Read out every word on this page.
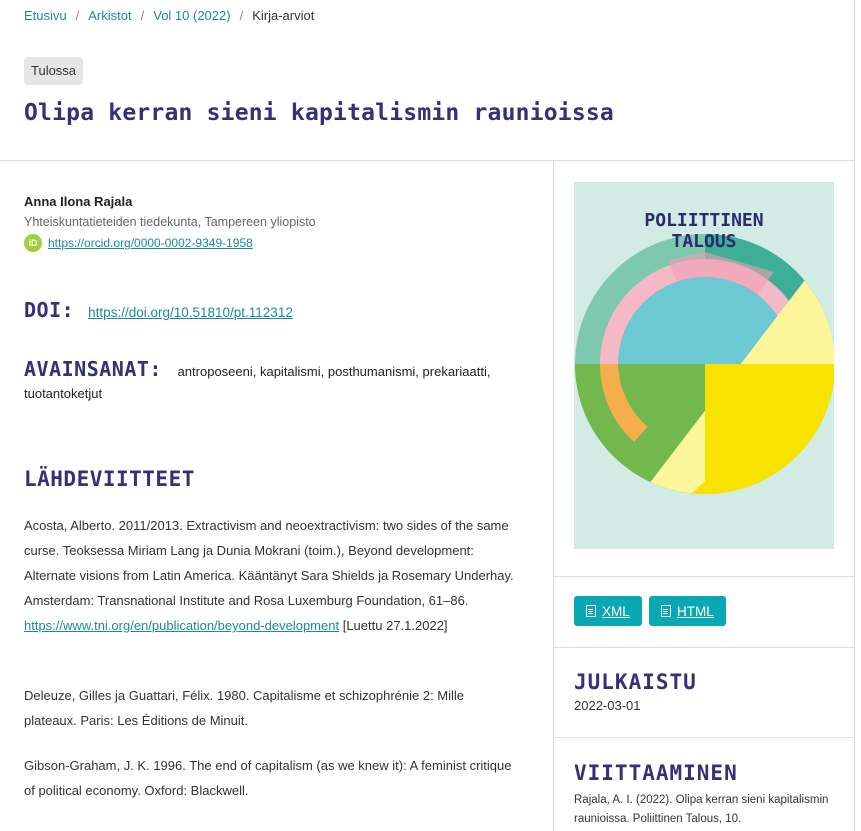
Etusivu / Arkistot / Vol 10 (2022) / Kirja-arviot
Tulossa
Olipa kerran sieni kapitalismin raunioissa
Anna Ilona Rajala
Yhteiskuntatieteiden tiedekunta, Tampereen yliopisto
iD https://orcid.org/0000-0002-9349-1958
DOI: https://doi.org/10.51810/pt.112312
AVAINSANAT: antroposeeni, kapitalismi, posthumanismi, prekariaatti, tuotantoketjut
LÄHDEVIITTEET

Acosta, Alberto. 2011/2013. Extractivism and neoextractivism: two sides of the same curse. Teoksessa Miriam Lang ja Dunia Mokrani (toim.), Beyond development: Alternate visions from Latin America. Kääntänyt Sara Shields ja Rosemary Underhay. Amsterdam: Transnational Institute and Rosa Luxemburg Foundation, 61–86. https://www.tni.org/en/publication/beyond-development [Luettu 27.1.2022]

Deleuze, Gilles ja Guattari, Félix. 1980. Capitalisme et schizophrénie 2: Mille plateaux. Paris: Les Éditions de Minuit.

Gibson-Graham, J. K. 1996. The end of capitalism (as we knew it): A feminist critique of political economy. Oxford: Blackwell.

POLIITTINEN
TALOUS
XML	HTML
JULKAISTU
2022-03-01
VIITTAAMINEN
Rajala, A. I. (2022). Olipa kerran sieni kapitalismin raunioissa. Poliittinen Talous, 10.
